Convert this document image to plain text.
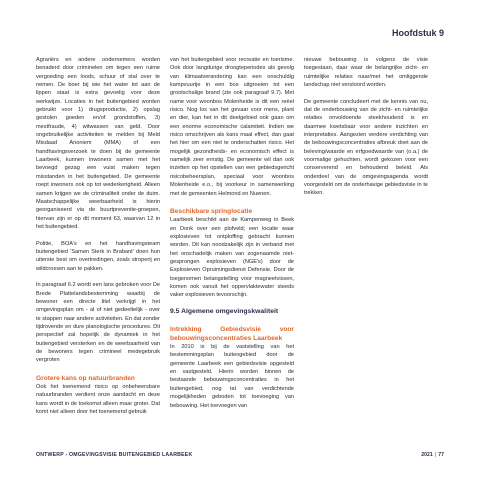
Hoofdstuk 9

Agrariërs en andere ondernemers worden benaderd door criminelen om tegen een ruime vergoeding een loods, schuur of stal over te nemen. De boer bij wie het water tot aan de lippen staat is extra gevoelig voor deze werkwijze. Locaties in het buitengebied worden gebruikt voor 1) drugsproductie, 2) opslag gestolen goeden en/of grondstoffen, 3) mestfraude, 4) witwassen van geld. Door ongebruikelijke activiteiten te melden bij Meld Misdaad Anoniem (MMA) of een handhavingsverzoek te doen bij de gemeente Laarbeek, kunnen inwoners samen met het bevoegd gezag een vuist maken tegen misstanden in het buitengebied. De gemeente roept inwoners ook op tot wederkerigheid. Alleen samen krijgen we de criminaliteit onder de duim. Maatschappelijke weerbaarheid is hierin georganiseerd via de buurtpreventie-groepen, hiervan zijn er op dit moment 63, waarvan 12 in het buitengebied.

Politie, BOA's en het handhavingsteam buitengebied 'Samen Sterk in Brabant' doen hun uiterste best om overtredingen, zoals stroperij en wildcrossen aan te pakken.

In paragraaf 6.2 wordt een lans gebroken voor De Brede Plattelandsbestemming waarbij de bewoner een directe titel verkrijgt in het omgevingsplan om - al of niet gedeeltelijk - over te stappen naar andere activiteiten. En dat zonder tijdrovende en dure planologische procedures. Dit perspectief zal hopelijk de dynamiek in het buitengebied versterken en de weerbaarheid van de bewoners tegen crimineel medegebruik vergroten

Grotere kans op natuurbranden

Ook het toenemend risico op onbeheersbare natuurbranden verdient onze aandacht en deze kans wordt in de toekomst alleen maar groter. Dat komt niet alleen door het toenemend gebruik

van het buitengebied voor recreatie en toerisme. Ook door langdurige droogteperiodes als gevolg van klimaatverandering kan een onschuldig kampvuurtje in een bos uitgroeien tot een grootschalige brand (zie ook paragraaf 9.7). Met name voor woonbos Molenheide is dit een reëel risico. Nog los van het gevaar voor mens, plant en dier, kan het in dit deelgebied ook gaan om een enorme economische calamiteit. Indien we risico omschrijven als kans maal effect, dan gaat het hier om een niet te onderschatten risico. Het mogelijk gezondheids- en economisch effect is namelijk zeer ernstig. De gemeente wil dan ook inzetten op het opstellen van een gebiedsgericht risicobeheersplan, speciaal voor woonbos Molenheide e.o., bij voorkeur in samenwerking met de gemeenten Helmond en Nuenen.

Beschikbare springlocatie

Laarbeek beschikt aan de Kampenweg in Beek en Donk over een plofveld; een locatie waar explosieven tot ontploffing gebracht kunnen worden. Dit kan noodzakelijk zijn in verband met het onschadelijk maken van zogenaamde niet-gesprongen explosieven (NGE's) door de Explosieven Opruimingsdienst Defensie. Door de toegenomen belangstelling voor magneetvissen, komen ook vanuit het oppervlaktewater steeds vaker explosieven tevoorschijn.

9.5 Algemene omgevingskwaliteit

Intrekking Gebiedsvisie voor bebouwingsconcentraties Laarbeek

In 2010 is bij de vaststelling van het bestemmingsplan buitengebied door de gemeente Laarbeek een gebiedsvisie opgesteld en vastgesteld. Hierin worden binnen de bestaande bebouwingsconcentraties in het buitengebied, nog tal van verdichtende mogelijkheden geboden tot toevoeging van bebouwing. Het toevoegen van

nieuwe bebouwing is volgens de visie toegestaan, daar waar de belangrijke zicht- en ruimtelijke relaties naar/met het omliggende landschap niet verstoord worden.

De gemeente concludeert met de kennis van nu, dat de onderbouwing van de zicht- en ruimtelijke relaties onvoldoende steekhoudend is en daarmee kwetsbaar voor andere inzichten en interpretaties. Aangezien verdere verdichting van de bebouwingsconcentraties afbreuk doet aan de beleving/waarde en erfgoedwaarde van (o.a.) de voormalige gehuchten, wordt gekozen voor een conserverend en behoudend beleid. Als onderdeel van de omgevingsagenda wordt voorgesteld om de onderhavige gebiedsvisie in te trekken.

ONTWERP - OMGEVINGSVISIE BUITENGEBIED LAARBEEK	2021 | 77
